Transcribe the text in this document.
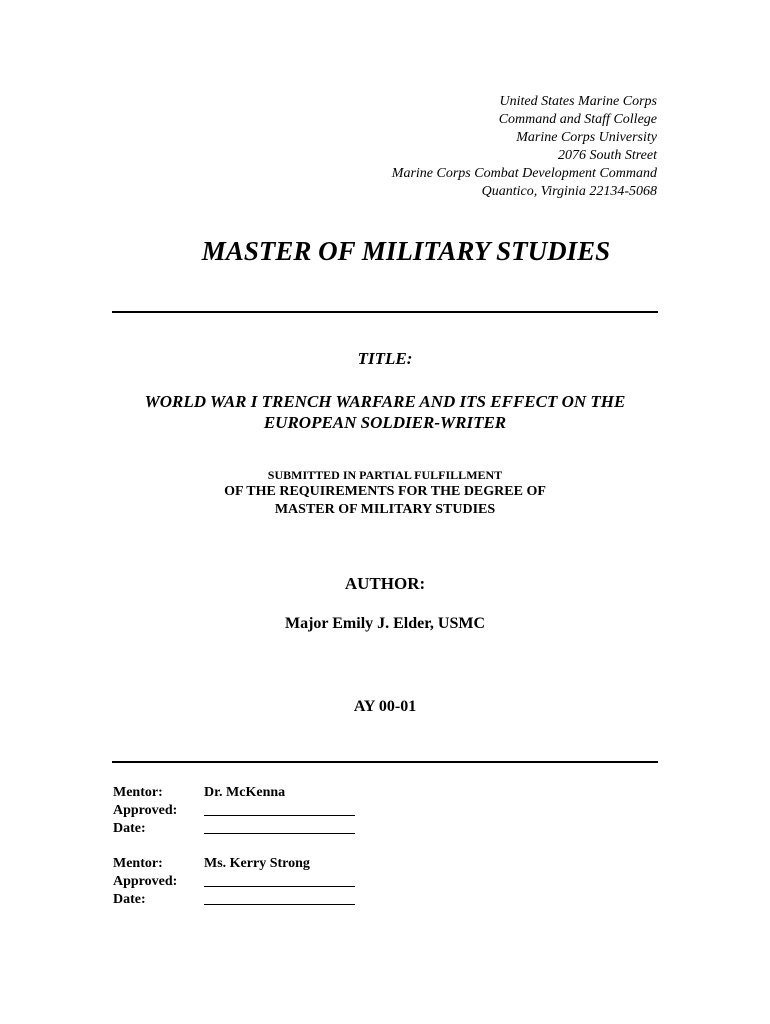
United States Marine Corps
Command and Staff College
Marine Corps University
2076 South Street
Marine Corps Combat Development Command
Quantico, Virginia 22134-5068
MASTER OF MILITARY STUDIES
TITLE:
WORLD WAR I TRENCH WARFARE AND ITS EFFECT ON THE
EUROPEAN SOLDIER-WRITER
SUBMITTED IN PARTIAL FULFILLMENT
OF THE REQUIREMENTS FOR THE DEGREE OF
MASTER OF MILITARY STUDIES
AUTHOR:
Major Emily J. Elder, USMC
AY 00-01
Mentor:	Dr. McKenna
Approved:
Date:
Mentor:	Ms. Kerry Strong
Approved:
Date:
